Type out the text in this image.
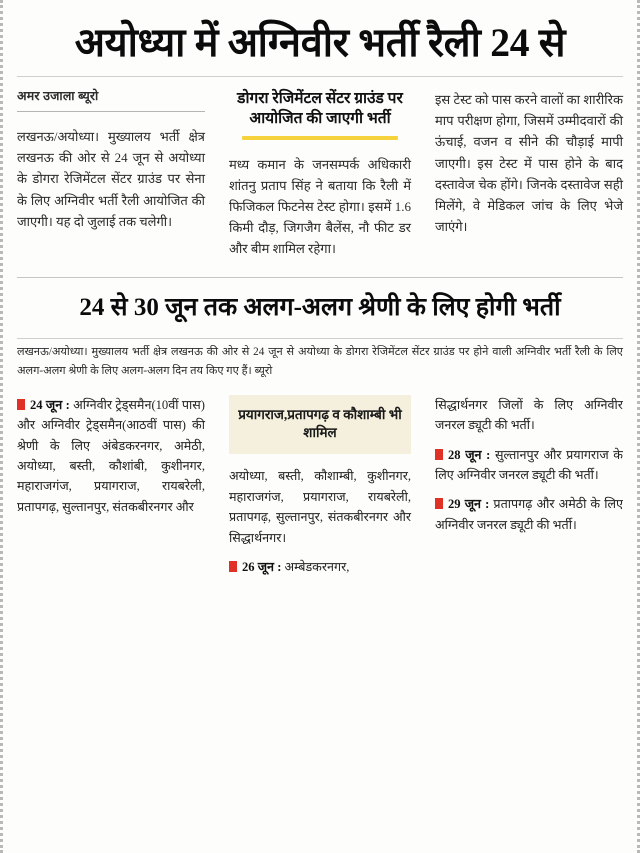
अयोध्या में अग्निवीर भर्ती रैली 24 से
अमर उजाला ब्यूरो

लखनऊ/अयोध्या। मुख्यालय भर्ती क्षेत्र लखनऊ की ओर से 24 जून से अयोध्या के डोगरा रेजिमेंटल सेंटर ग्राउंड पर सेना के लिए अग्निवीर भर्ती रैली आयोजित की जाएगी। यह दो जुलाई तक चलेगी।

डोगरा रेजिमेंटल सेंटर ग्राउंड पर आयोजित की जाएगी भर्ती

मध्य कमान के जनसम्पर्क अधिकारी शांतनु प्रताप सिंह ने बताया कि रैली में फिजिकल फिटनेस टेस्ट होगा। इसमें 1.6 किमी दौड़, जिगजैग बैलेंस, नौ फीट डर और बीम शामिल रहेगा।

इस टेस्ट को पास करने वालों का शारीरिक माप परीक्षण होगा, जिसमें उम्मीदवारों की ऊंचाई, वजन व सीने की चौड़ाई मापी जाएगी। इस टेस्ट में पास होने के बाद दस्तावेज चेक होंगे। जिनके दस्तावेज सही मिलेंगे, वे मेडिकल जांच के लिए भेजे जाएंगे।

24 से 30 जून तक अलग-अलग श्रेणी के लिए होगी भर्ती

लखनऊ/अयोध्या। मुख्यालय भर्ती क्षेत्र लखनऊ की ओर से 24 जून से अयोध्या के डोगरा रेजिमेंटल सेंटर ग्राउंड पर होने वाली अग्निवीर भर्ती रैली के लिए अलग-अलग श्रेणी के लिए अलग-अलग दिन तय किए गए हैं। ब्यूरो

24 जून : अग्निवीर ट्रेड्समैन(10वीं पास) और अग्निवीर ट्रेड्समैन(आठवीं पास) की श्रेणी के लिए अंबेडकरनगर, अमेठी, अयोध्या, बस्ती, कौशांबी, कुशीनगर, महाराजगंज, प्रयागराज, रायबरेली, प्रतापगढ़, सुल्तानपुर, संतकबीरनगर और

प्रयागराज,प्रतापगढ़ व कौशाम्बी भी शामिल

अयोध्या, बस्ती, कौशाम्बी, कुशीनगर, महाराजगंज, प्रयागराज, रायबरेली, प्रतापगढ़, सुल्तानपुर, संतकबीरनगर और सिद्धार्थनगर।

26 जून : अम्बेडकरनगर,

सिद्धार्थनगर जिलों के लिए अग्निवीर जनरल ड्यूटी की भर्ती।

28 जून : सुल्तानपुर और प्रयागराज के लिए अग्निवीर जनरल ड्यूटी की भर्ती।

29 जून : प्रतापगढ़ और अमेठी के लिए अग्निवीर जनरल ड्यूटी की भर्ती।
